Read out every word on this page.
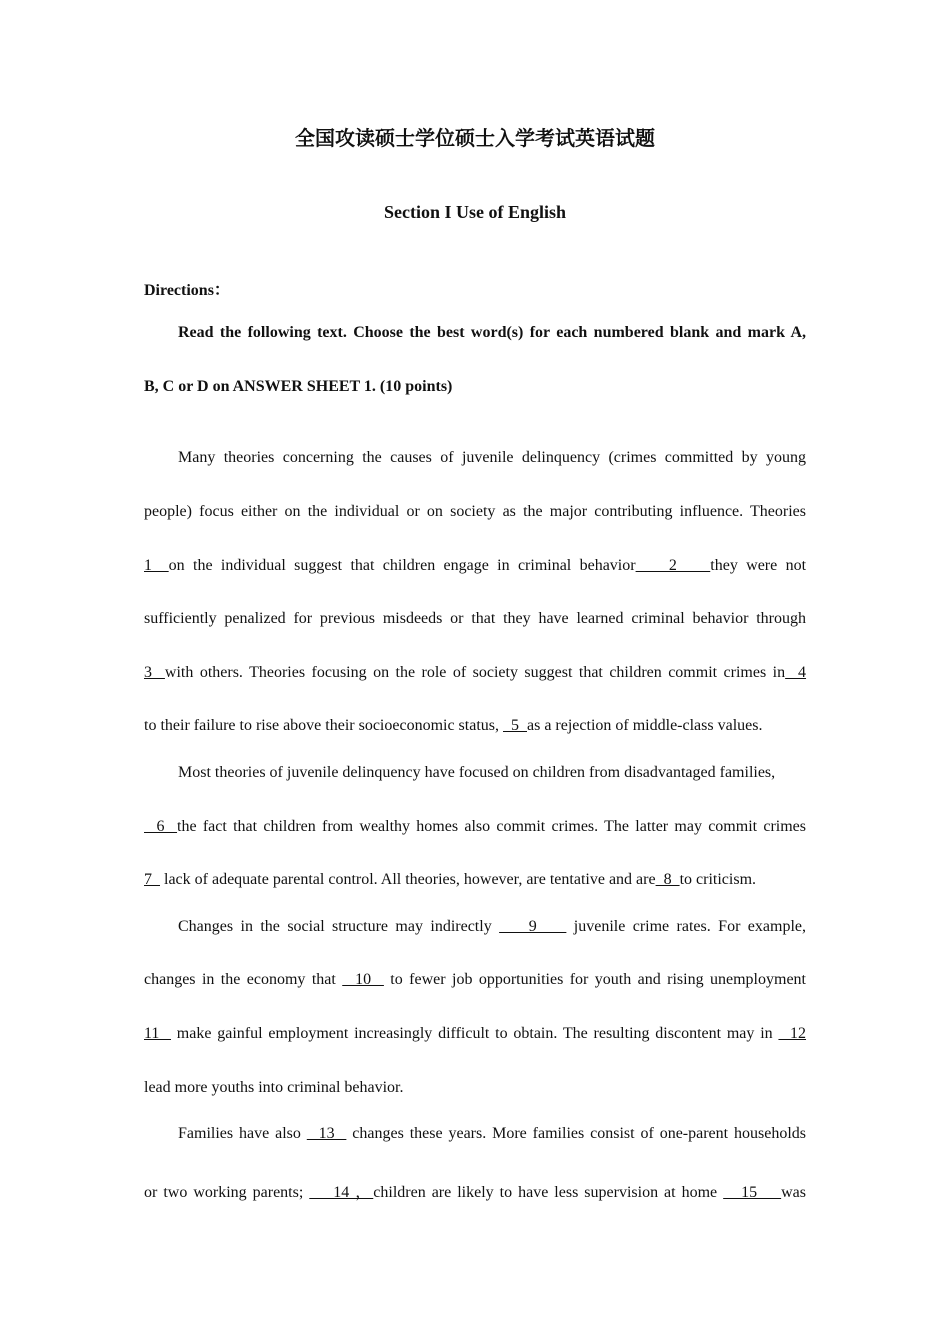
全国攻读硕士学位硕士入学考试英语试题
Section I Use of English
Directions：
Read the following text. Choose the best word(s) for each numbered blank and mark A,
B, C or D on ANSWER SHEET 1. (10 points)
Many theories concerning the causes of juvenile delinquency (crimes committed by young
people) focus either on the individual or on society as the major contributing influence. Theories
1  on the individual suggest that children engage in criminal behavior    2    they were not
sufficiently penalized for previous misdeeds or that they have learned criminal behavior through
3  with others. Theories focusing on the role of society suggest that children commit crimes in  4
to their failure to rise above their socioeconomic status,   5  as a rejection of middle-class values.
Most theories of juvenile delinquency have focused on children from disadvantaged families,
6  the fact that children from wealthy homes also commit crimes. The latter may commit crimes
7   lack of adequate parental control. All theories, however, are tentative and are  8  to criticism.
Changes in the social structure may indirectly     9     juvenile crime rates. For example,
changes in the economy that   10   to fewer job opportunities for youth and rising unemployment
11   make gainful employment increasingly difficult to obtain. The resulting discontent may in   12
lead more youths into criminal behavior.
Families have also   13   changes these years. More families consist of one-parent households
or two working parents;     14 ，children are likely to have less supervision at home    15    was
